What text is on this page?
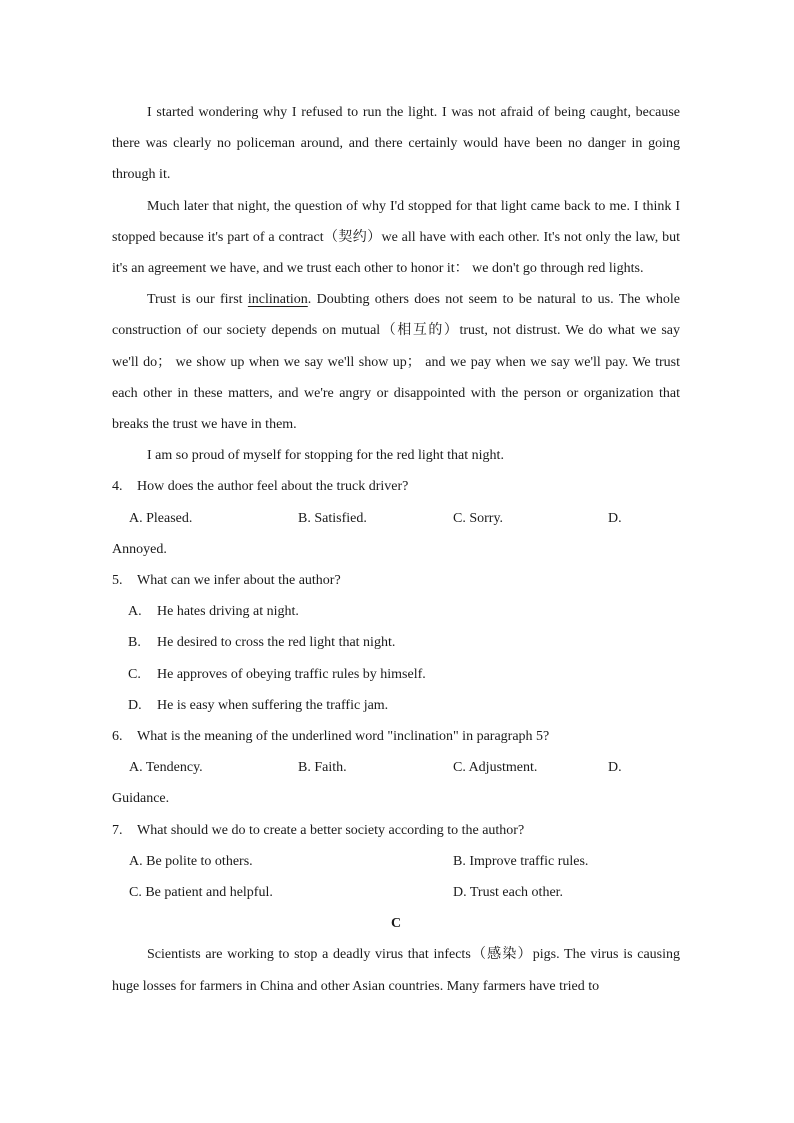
I started wondering why I refused to run the light. I was not afraid of being caught, because there was clearly no policeman around, and there certainly would have been no danger in going through it.

Much later that night, the question of why I'd stopped for that light came back to me. I think I stopped because it's part of a contract（契约）we all have with each other. It's not only the law, but it's an agreement we have, and we trust each other to honor it： we don't go through red lights.

Trust is our first inclination. Doubting others does not seem to be natural to us. The whole construction of our society depends on mutual（相互的）trust, not distrust. We do what we say we'll do； we show up when we say we'll show up； and we pay when we say we'll pay. We trust each other in these matters, and we're angry or disappointed with the person or organization that breaks the trust we have in them.

I am so proud of myself for stopping for the red light that night.

4. How does the author feel about the truck driver?

A. Pleased.	B. Satisfied.	C. Sorry.	D.
Annoyed.

5. What can we infer about the author?

A. He hates driving at night.

B. He desired to cross the red light that night.

C. He approves of obeying traffic rules by himself.

D. He is easy when suffering the traffic jam.

6. What is the meaning of the underlined word "inclination" in paragraph 5?

A. Tendency.	B. Faith.	C. Adjustment.	D.
Guidance.

7. What should we do to create a better society according to the author?

A. Be polite to others.	B. Improve traffic rules.
C. Be patient and helpful.	D. Trust each other.

C

Scientists are working to stop a deadly virus that infects（感染）pigs. The virus is causing huge losses for farmers in China and other Asian countries. Many farmers have tried to
